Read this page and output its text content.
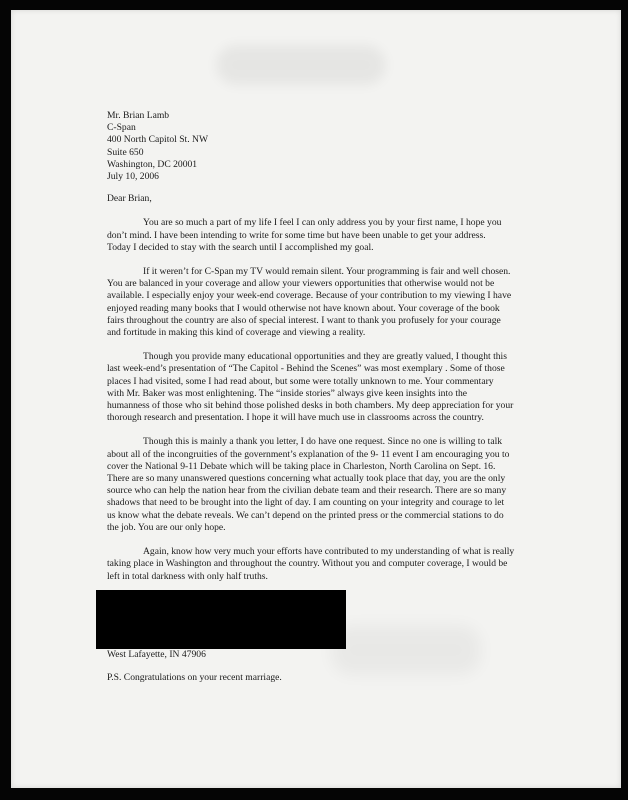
Mr. Brian Lamb
C-Span
400 North Capitol St. NW
Suite 650
Washington, DC 20001
July 10, 2006
Dear Brian,
You are so much a part of my life I feel I can only address you by your first name, I hope you
don’t mind. I have been intending to write for some time but have been unable to get your address.
Today I decided to stay with the search until I accomplished my goal.
If it weren’t for C-Span my TV would remain silent. Your programming is fair and well chosen.
You are balanced in your coverage and allow your viewers opportunities that otherwise would not be
available. I especially enjoy your week-end coverage. Because of your contribution to my viewing I have
enjoyed reading many books that I would otherwise not have known about. Your coverage of the book
fairs throughout the country are also of special interest. I want to thank you profusely for your courage
and fortitude in making this kind of coverage and viewing a reality.
Though you provide many educational opportunities and they are greatly valued, I thought this
last week-end’s presentation of “The Capitol - Behind the Scenes” was most exemplary . Some of those
places I had visited, some I had read about, but some were totally unknown to me. Your commentary
with Mr. Baker was most enlightening. The “inside stories” always give keen insights into the
humanness of those who sit behind those polished desks in both chambers. My deep appreciation for your
thorough research and presentation. I hope it will have much use in classrooms across the country.
Though this is mainly a thank you letter, I do have one request. Since no one is willing to talk
about all of the incongruities of the government’s explanation of the 9- 11 event I am encouraging you to
cover the National 9-11 Debate which will be taking place in Charleston, North Carolina on Sept. 16.
There are so many unanswered questions concerning what actually took place that day, you are the only
source who can help the nation hear from the civilian debate team and their research. There are so many
shadows that need to be brought into the light of day. I am counting on your integrity and courage to let
us know what the debate reveals. We can’t depend on the printed press or the commercial stations to do
the job. You are our only hope.
Again, know how very much your efforts have contributed to my understanding of what is really
taking place in Washington and throughout the country. Without you and computer coverage, I would be
left in total darkness with only half truths.
West Lafayette, IN 47906
P.S. Congratulations on your recent marriage.
